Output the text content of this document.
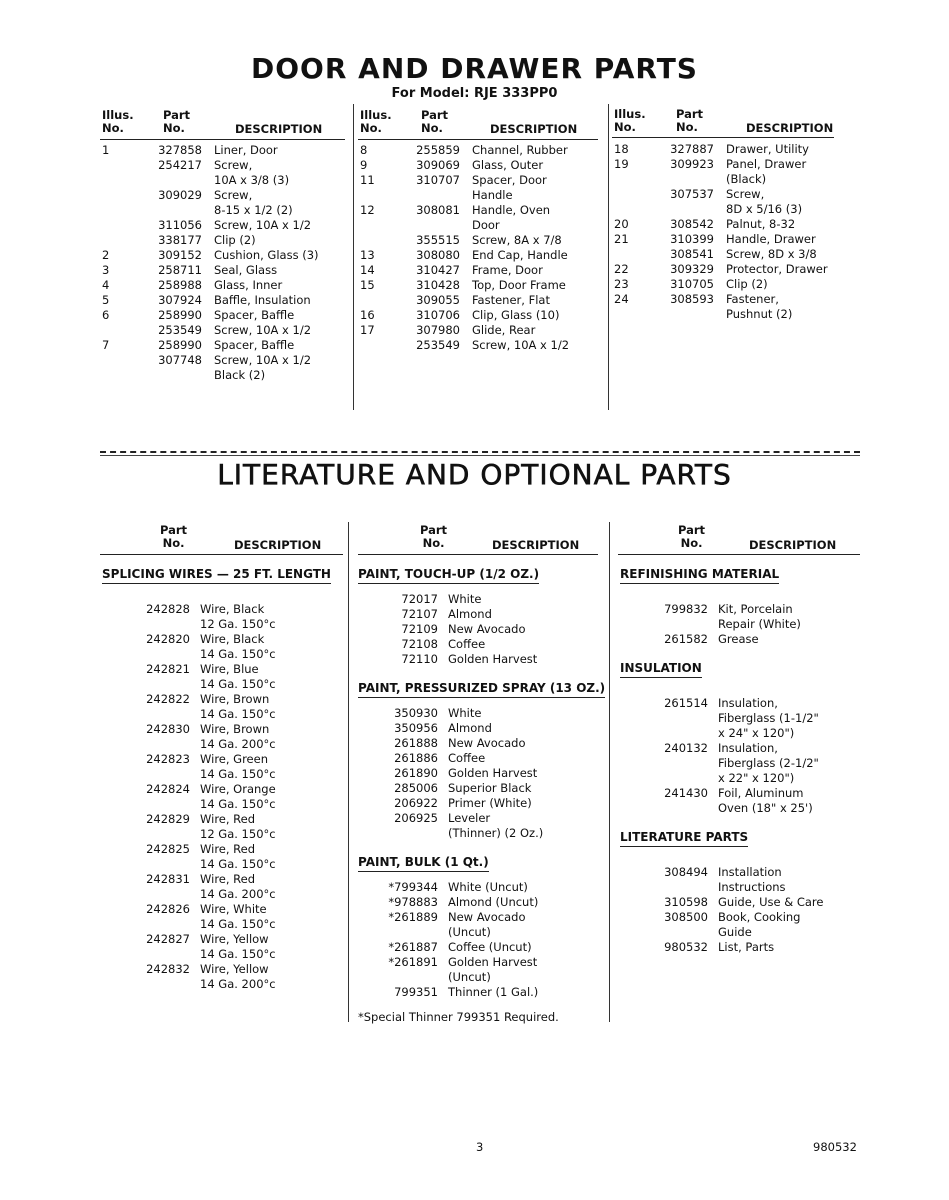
DOOR AND DRAWER PARTS
For Model: RJE 333PP0
Illus.
No.
Part
No.	DESCRIPTION
Illus.
No.
Part
No.	DESCRIPTION
Illus.
No.
Part
No.	DESCRIPTION
1	327858	Liner, Door
254217	Screw,
10A x 3/8 (3)
309029	Screw,
8-15 x 1/2 (2)
311056	Screw, 10A x 1/2
338177	Clip (2)
2	309152	Cushion, Glass (3)
3	258711	Seal, Glass
4	258988	Glass, Inner
5	307924	Baffle, Insulation
6	258990	Spacer, Baffle
253549	Screw, 10A x 1/2
7	258990	Spacer, Baffle
307748	Screw, 10A x 1/2
Black (2)
8	255859	Channel, Rubber
9	309069	Glass, Outer
11	310707	Spacer, Door
Handle
12	308081	Handle, Oven
Door
355515	Screw, 8A x 7/8
13	308080	End Cap, Handle
14	310427	Frame, Door
15	310428	Top, Door Frame
309055	Fastener, Flat
16	310706	Clip, Glass (10)
17	307980	Glide, Rear
253549	Screw, 10A x 1/2
18	327887	Drawer, Utility
19	309923	Panel, Drawer
(Black)
307537	Screw,
8D x 5/16 (3)
20	308542	Palnut, 8-32
21	310399	Handle, Drawer
308541	Screw, 8D x 3/8
22	309329	Protector, Drawer
23	310705	Clip (2)
24	308593	Fastener,
Pushnut (2)
LITERATURE AND OPTIONAL PARTS
Part
No.	DESCRIPTION
Part
No.	DESCRIPTION
Part
No.	DESCRIPTION
SPLICING WIRES — 25 FT. LENGTH
242828 Wire, Black
12 Ga. 150°c
242820 Wire, Black
14 Ga. 150°c
242821 Wire, Blue
14 Ga. 150°c
242822 Wire, Brown
14 Ga. 150°c
242830 Wire, Brown
14 Ga. 200°c
242823 Wire, Green
14 Ga. 150°c
242824 Wire, Orange
14 Ga. 150°c
242829 Wire, Red
12 Ga. 150°c
242825 Wire, Red
14 Ga. 150°c
242831 Wire, Red
14 Ga. 200°c
242826 Wire, White
14 Ga. 150°c
242827 Wire, Yellow
14 Ga. 150°c
242832 Wire, Yellow
14 Ga. 200°c
PAINT, TOUCH-UP (1/2 OZ.)
72017 White
72107 Almond
72109 New Avocado
72108 Coffee
72110 Golden Harvest
PAINT, PRESSURIZED SPRAY (13 OZ.)
350930 White
350956 Almond
261888 New Avocado
261886 Coffee
261890 Golden Harvest
285006 Superior Black
206922 Primer (White)
206925 Leveler
(Thinner) (2 Oz.)
PAINT, BULK (1 Qt.)
*799344 White (Uncut)
*978883 Almond (Uncut)
*261889 New Avocado
(Uncut)
*261887 Coffee (Uncut)
*261891 Golden Harvest
(Uncut)
799351 Thinner (1 Gal.)
*Special Thinner 799351 Required.
REFINISHING MATERIAL
799832 Kit, Porcelain
Repair (White)
261582 Grease
INSULATION
261514 Insulation,
Fiberglass (1-1/2"
x 24" x 120")
240132 Insulation,
Fiberglass (2-1/2"
x 22" x 120")
241430 Foil, Aluminum
Oven (18" x 25')
LITERATURE PARTS
308494 Installation
Instructions
310598 Guide, Use & Care
308500 Book, Cooking
Guide
980532 List, Parts
3	980532
